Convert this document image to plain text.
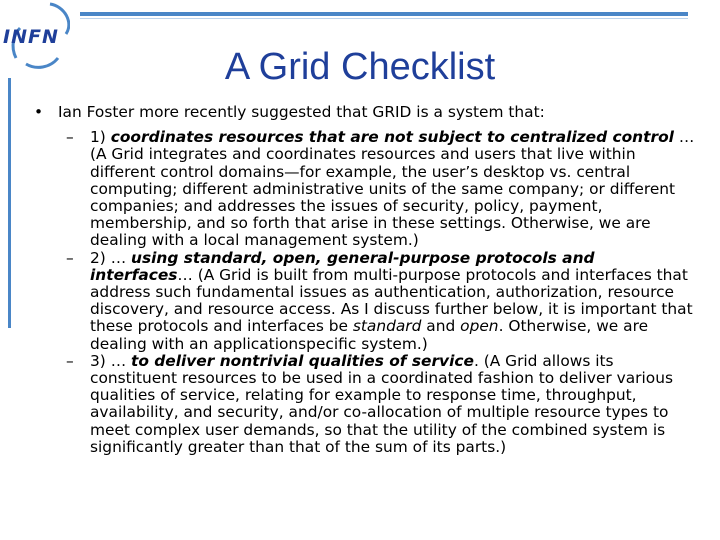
INFN
A Grid Checklist
• Ian Foster more recently suggested that GRID is a system that:
– 1) coordinates resources that are not subject to centralized control … (A Grid integrates and coordinates resources and users that live within different control domains—for example, the user’s desktop vs. central computing; different administrative units of the same company; or different companies; and addresses the issues of security, policy, payment, membership, and so forth that arise in these settings. Otherwise, we are dealing with a local management system.)
– 2) … using standard, open, general-purpose protocols and interfaces… (A Grid is built from multi-purpose protocols and interfaces that address such fundamental issues as authentication, authorization, resource discovery, and resource access. As I discuss further below, it is important that these protocols and interfaces be standard and open. Otherwise, we are dealing with an applicationspecific system.)
– 3) … to deliver nontrivial qualities of service. (A Grid allows its constituent resources to be used in a coordinated fashion to deliver various qualities of service, relating for example to response time, throughput, availability, and security, and/or co-allocation of multiple resource types to meet complex user demands, so that the utility of the combined system is significantly greater than that of the sum of its parts.)
